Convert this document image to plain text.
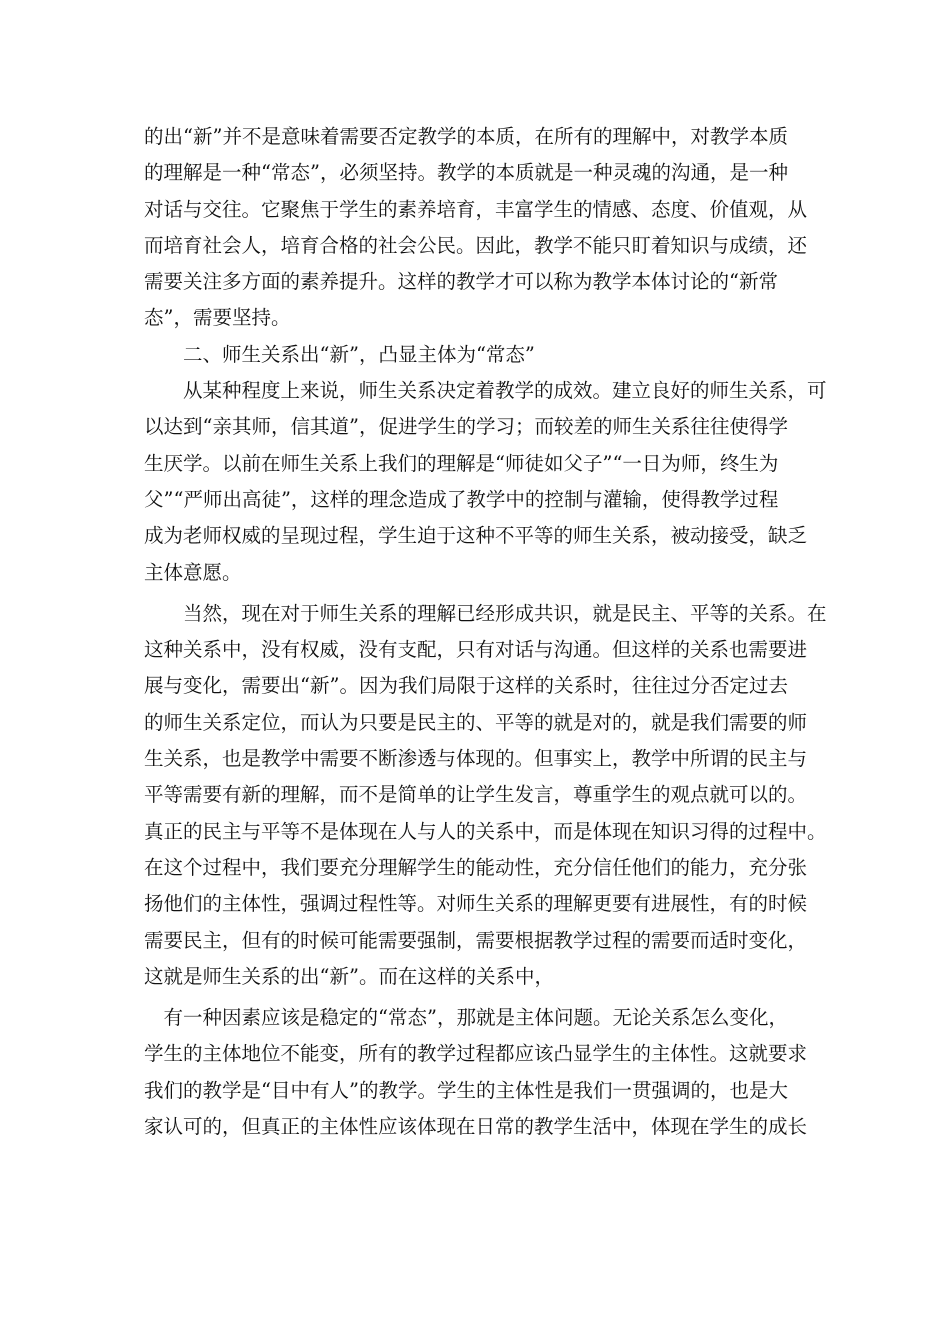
的出“新”并不是意味着需要否定教学的本质，在所有的理解中，对教学本质
的理解是一种“常态”，必须坚持。教学的本质就是一种灵魂的沟通，是一种
对话与交往。它聚焦于学生的素养培育，丰富学生的情感、态度、价值观，从
而培育社会人，培育合格的社会公民。因此，教学不能只盯着知识与成绩，还
需要关注多方面的素养提升。这样的教学才可以称为教学本体讨论的“新常
态”，需要坚持。
　　二、师生关系出“新”，凸显主体为“常态”
　　从某种程度上来说，师生关系决定着教学的成效。建立良好的师生关系，可
以达到“亲其师，信其道”，促进学生的学习；而较差的师生关系往往使得学
生厌学。以前在师生关系上我们的理解是“师徒如父子”“一日为师，终生为
父”“严师出高徒”，这样的理念造成了教学中的控制与灌输，使得教学过程
成为老师权威的呈现过程，学生迫于这种不平等的师生关系，被动接受，缺乏
主体意愿。
　　当然，现在对于师生关系的理解已经形成共识，就是民主、平等的关系。在
这种关系中，没有权威，没有支配，只有对话与沟通。但这样的关系也需要进
展与变化，需要出“新”。因为我们局限于这样的关系时，往往过分否定过去
的师生关系定位，而认为只要是民主的、平等的就是对的，就是我们需要的师
生关系，也是教学中需要不断渗透与体现的。但事实上，教学中所谓的民主与
平等需要有新的理解，而不是简单的让学生发言，尊重学生的观点就可以的。
真正的民主与平等不是体现在人与人的关系中，而是体现在知识习得的过程中。
在这个过程中，我们要充分理解学生的能动性，充分信任他们的能力，充分张
扬他们的主体性，强调过程性等。对师生关系的理解更要有进展性，有的时候
需要民主，但有的时候可能需要强制，需要根据教学过程的需要而适时变化，
这就是师生关系的出“新”。而在这样的关系中，
　有一种因素应该是稳定的“常态”，那就是主体问题。无论关系怎么变化，
学生的主体地位不能变，所有的教学过程都应该凸显学生的主体性。这就要求
我们的教学是“目中有人”的教学。学生的主体性是我们一贯强调的，也是大
家认可的，但真正的主体性应该体现在日常的教学生活中，体现在学生的成长
